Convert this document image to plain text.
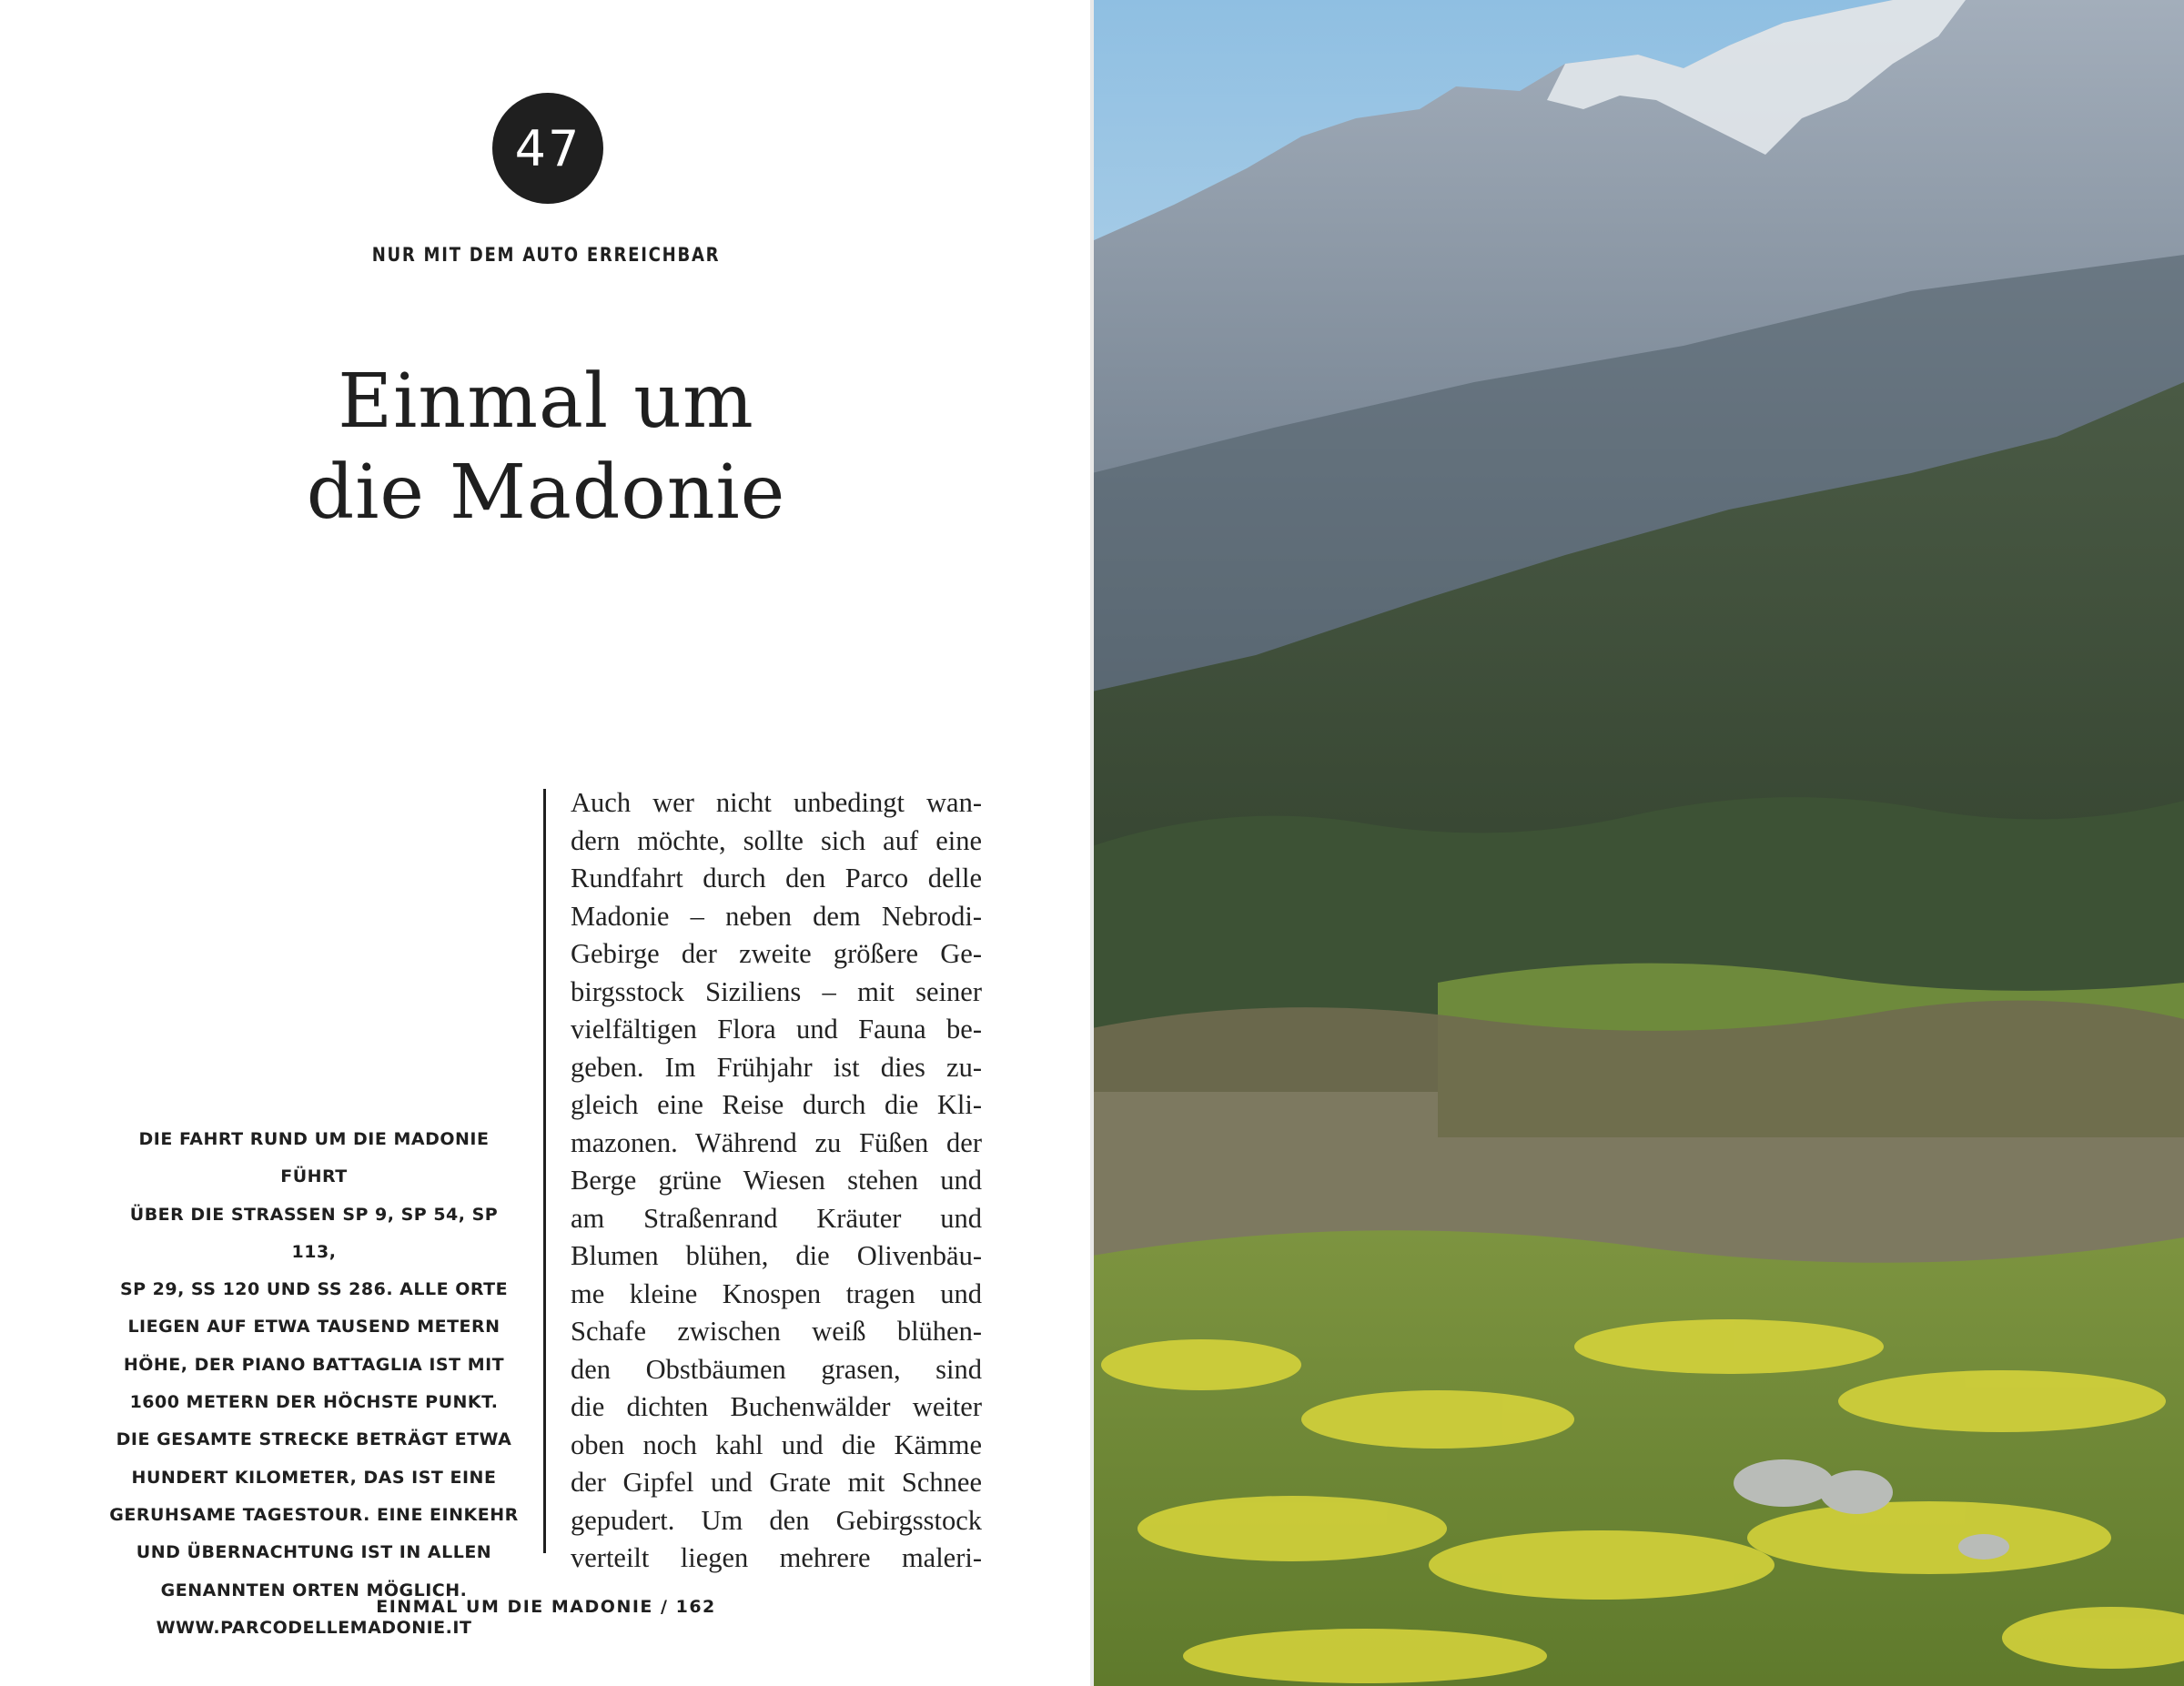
47
NUR MIT DEM AUTO ERREICHBAR
Einmal um
die Madonie

DIE FAHRT RUND UM DIE MADONIE FÜHRT
ÜBER DIE STRASSEN SP 9, SP 54, SP 113,
SP 29, SS 120 UND SS 286. ALLE ORTE
LIEGEN AUF ETWA TAUSEND METERN
HÖHE, DER PIANO BATTAGLIA IST MIT
1600 METERN DER HÖCHSTE PUNKT.
DIE GESAMTE STRECKE BETRÄGT ETWA
HUNDERT KILOMETER, DAS IST EINE
GERUHSAME TAGESTOUR. EINE EINKEHR
UND ÜBERNACHTUNG IST IN ALLEN
GENANNTEN ORTEN MÖGLICH.
WWW.PARCODELLEMADONIE.IT

Auch wer nicht unbedingt wan-
dern möchte, sollte sich auf eine
Rundfahrt durch den Parco delle
Madonie – neben dem Nebrodi-
Gebirge der zweite größere Ge-
birgsstock Siziliens – mit seiner
vielfältigen Flora und Fauna be-
geben. Im Frühjahr ist dies zu-
gleich eine Reise durch die Kli-
mazonen. Während zu Füßen der
Berge grüne Wiesen stehen und
am Straßenrand Kräuter und
Blumen blühen, die Olivenbäu-
me kleine Knospen tragen und
Schafe zwischen weiß blühen-
den Obstbäumen grasen, sind
die dichten Buchenwälder weiter
oben noch kahl und die Kämme
der Gipfel und Grate mit Schnee
gepudert. Um den Gebirgsstock
verteilt liegen mehrere maleri-

EINMAL UM DIE MADONIE / 162
